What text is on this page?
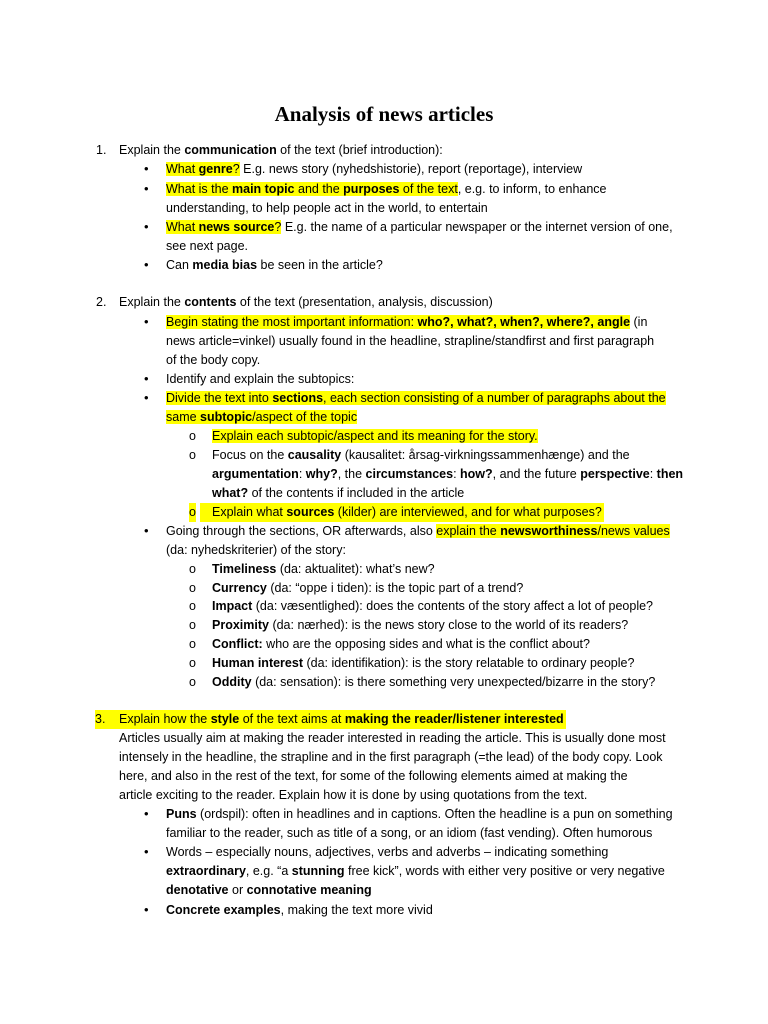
Analysis of news articles
1. Explain the communication of the text (brief introduction):
• What genre? E.g. news story (nyhedshistorie), report (reportage), interview
• What is the main topic and the purposes of the text, e.g. to inform, to enhance
understanding, to help people act in the world, to entertain
• What news source? E.g. the name of a particular newspaper or the internet version of one,
see next page.
• Can media bias be seen in the article?
2. Explain the contents of the text (presentation, analysis, discussion)
• Begin stating the most important information: who?, what?, when?, where?, angle (in
news article=vinkel) usually found in the headline, strapline/standfirst and first paragraph
of the body copy.
• Identify and explain the subtopics:
• Divide the text into sections, each section consisting of a number of paragraphs about the
same subtopic/aspect of the topic
o Explain each subtopic/aspect and its meaning for the story.
o Focus on the causality (kausalitet: årsag-virkningssammenhænge) and the
argumentation: why?, the circumstances: how?, and the future perspective: then
what? of the contents if included in the article
o	Explain what sources (kilder) are interviewed, and for what purposes?
• Going through the sections, OR afterwards, also explain the newsworthiness/news values
(da: nyhedskriterier) of the story:
o Timeliness (da: aktualitet): what’s new?
o Currency (da: “oppe i tiden): is the topic part of a trend?
o Impact (da: væsentlighed): does the contents of the story affect a lot of people?
o Proximity (da: nærhed): is the news story close to the world of its readers?
o Conflict: who are the opposing sides and what is the conflict about?
o Human interest (da: identifikation): is the story relatable to ordinary people?
o Oddity (da: sensation): is there something very unexpected/bizarre in the story?
3. Explain how the style of the text aims at making the reader/listener interested
Articles usually aim at making the reader interested in reading the article. This is usually done most
intensely in the headline, the strapline and in the first paragraph (=the lead) of the body copy. Look
here, and also in the rest of the text, for some of the following elements aimed at making the
article exciting to the reader. Explain how it is done by using quotations from the text.
• Puns (ordspil): often in headlines and in captions. Often the headline is a pun on something
familiar to the reader, such as title of a song, or an idiom (fast vending). Often humorous
• Words – especially nouns, adjectives, verbs and adverbs – indicating something
extraordinary, e.g. “a stunning free kick”, words with either very positive or very negative
denotative or connotative meaning
• Concrete examples, making the text more vivid
